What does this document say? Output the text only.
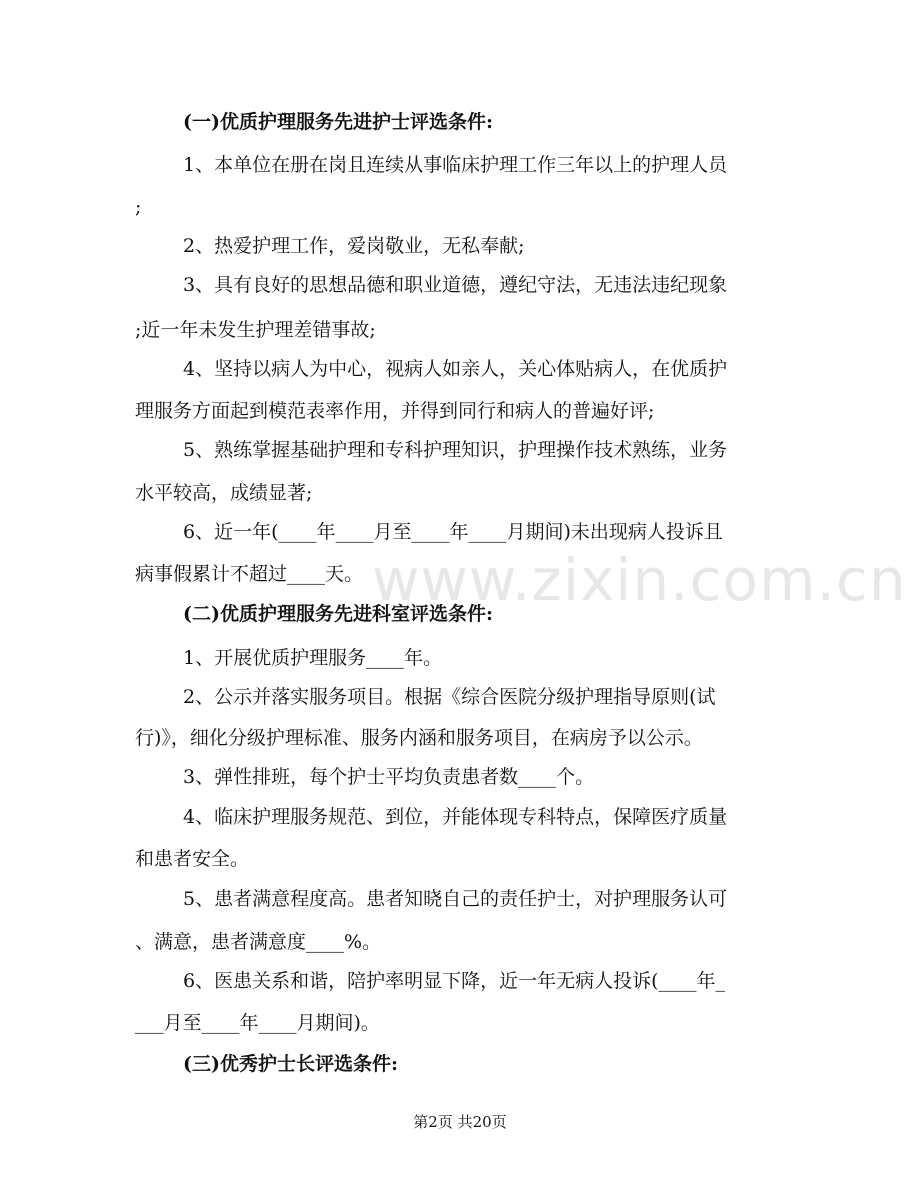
www.zixin.com.cn
(一)优质护理服务先进护士评选条件:
1、本单位在册在岗且连续从事临床护理工作三年以上的护理人员
;
2、热爱护理工作，爱岗敬业，无私奉献;
3、具有良好的思想品德和职业道德，遵纪守法，无违法违纪现象
;近一年未发生护理差错事故;
4、坚持以病人为中心，视病人如亲人，关心体贴病人，在优质护
理服务方面起到模范表率作用，并得到同行和病人的普遍好评;
5、熟练掌握基础护理和专科护理知识，护理操作技术熟练，业务
水平较高，成绩显著;
6、近一年(____年____月至____年____月期间)未出现病人投诉且
病事假累计不超过____天。
(二)优质护理服务先进科室评选条件:
1、开展优质护理服务____年。
2、公示并落实服务项目。根据《综合医院分级护理指导原则(试
行)》，细化分级护理标准、服务内涵和服务项目，在病房予以公示。
3、弹性排班，每个护士平均负责患者数____个。
4、临床护理服务规范、到位，并能体现专科特点，保障医疗质量
和患者安全。
5、患者满意程度高。患者知晓自己的责任护士，对护理服务认可
、满意，患者满意度____%。
6、医患关系和谐，陪护率明显下降，近一年无病人投诉(____年_
___月至____年____月期间)。
(三)优秀护士长评选条件:
第2页 共20页
